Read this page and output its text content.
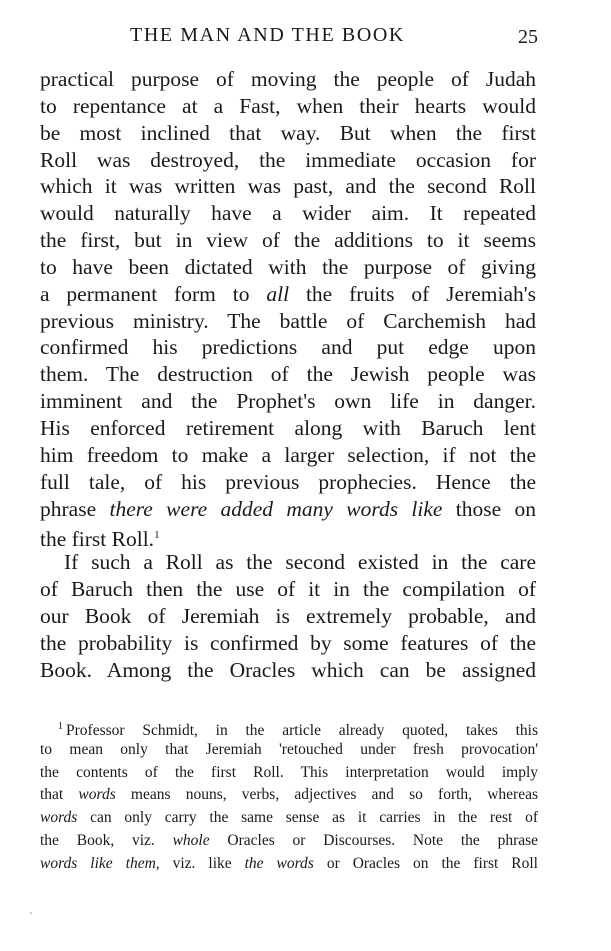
THE MAN AND THE BOOK	25
practical purpose of moving the people of Judah
to repentance at a Fast, when their hearts would
be most inclined that way. But when the first
Roll was destroyed, the immediate occasion for
which it was written was past, and the second Roll
would naturally have a wider aim. It repeated
the first, but in view of the additions to it seems
to have been dictated with the purpose of giving
a permanent form to all the fruits of Jeremiah's
previous ministry. The battle of Carchemish had
confirmed his predictions and put edge upon
them. The destruction of the Jewish people was
imminent and the Prophet's own life in danger.
His enforced retirement along with Baruch lent
him freedom to make a larger selection, if not the
full tale, of his previous prophecies. Hence the
phrase there were added many words like those on
the first Roll.$^1$
If such a Roll as the second existed in the care
of Baruch then the use of it in the compilation of
our Book of Jeremiah is extremely probable, and
the probability is confirmed by some features of the
Book. Among the Oracles which can be assigned
$^1$ Professor Schmidt, in the article already quoted, takes this
to mean only that Jeremiah 'retouched under fresh provocation'
the contents of the first Roll. This interpretation would imply
that words means nouns, verbs, adjectives and so forth, whereas
words can only carry the same sense as it carries in the rest of
the Book, viz. whole Oracles or Discourses. Note the phrase
words like them, viz. like the words or Oracles on the first Roll
